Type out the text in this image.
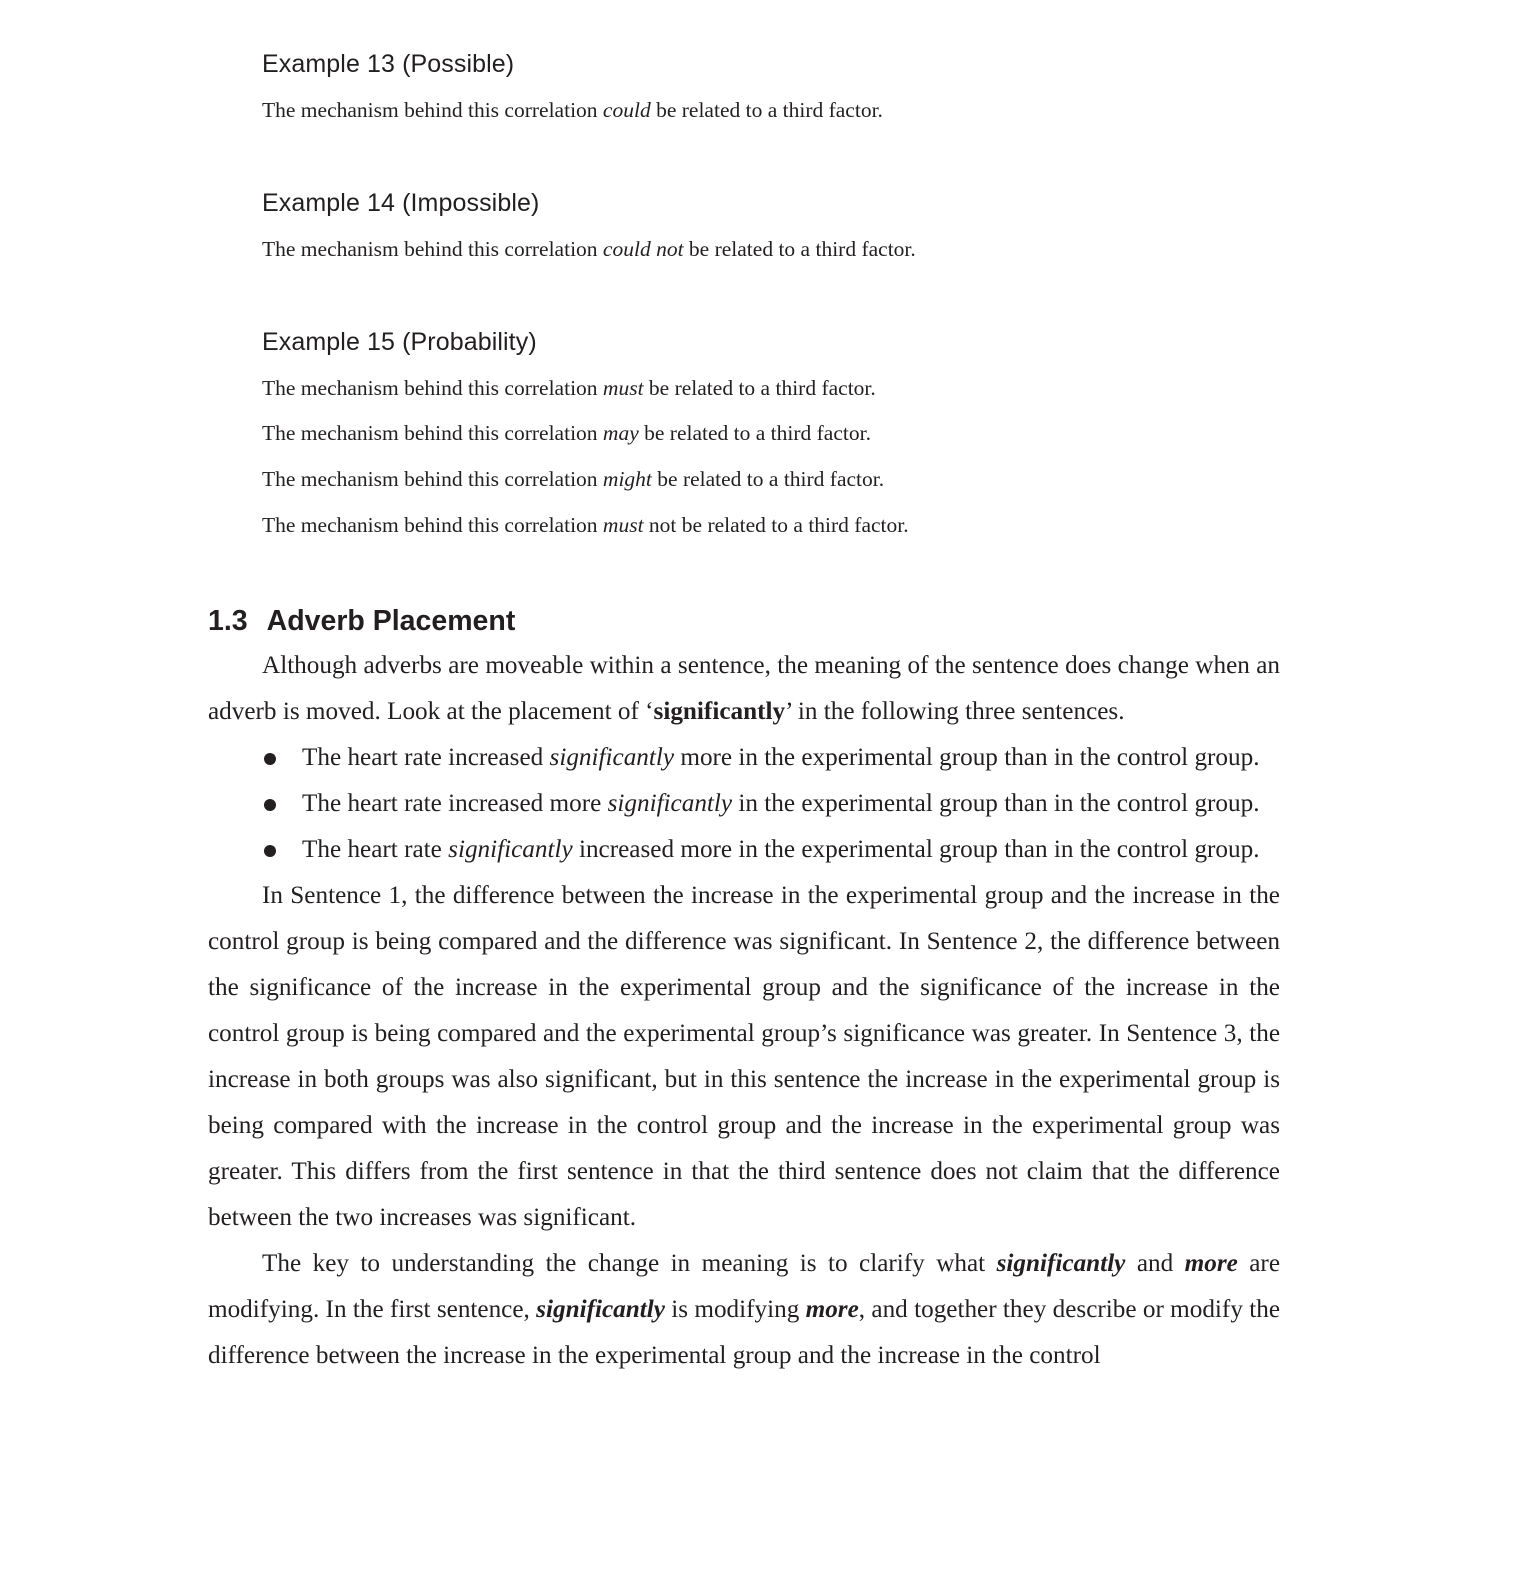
Example 13 (Possible)

The mechanism behind this correlation could be related to a third factor.

Example 14 (Impossible)

The mechanism behind this correlation could not be related to a third factor.

Example 15 (Probability)

The mechanism behind this correlation must be related to a third factor.

The mechanism behind this correlation may be related to a third factor.

The mechanism behind this correlation might be related to a third factor.

The mechanism behind this correlation must not be related to a third factor.

1.3 Adverb Placement

Although adverbs are moveable within a sentence, the meaning of the sentence does change when an adverb is moved. Look at the placement of ‘significantly’ in the following three sentences.

The heart rate increased significantly more in the experimental group than in the control group.
The heart rate increased more significantly in the experimental group than in the control group.
The heart rate significantly increased more in the experimental group than in the control group.

In Sentence 1, the difference between the increase in the experimental group and the increase in the control group is being compared and the difference was significant. In Sentence 2, the difference between the significance of the increase in the experimental group and the significance of the increase in the control group is being compared and the experimental group’s significance was greater. In Sentence 3, the increase in both groups was also significant, but in this sentence the increase in the experimental group is being compared with the increase in the control group and the increase in the experimental group was greater. This differs from the first sentence in that the third sentence does not claim that the difference between the two increases was significant.

The key to understanding the change in meaning is to clarify what significantly and more are modifying. In the first sentence, significantly is modifying more, and together they describe or modify the difference between the increase in the experimental group and the increase in the control
